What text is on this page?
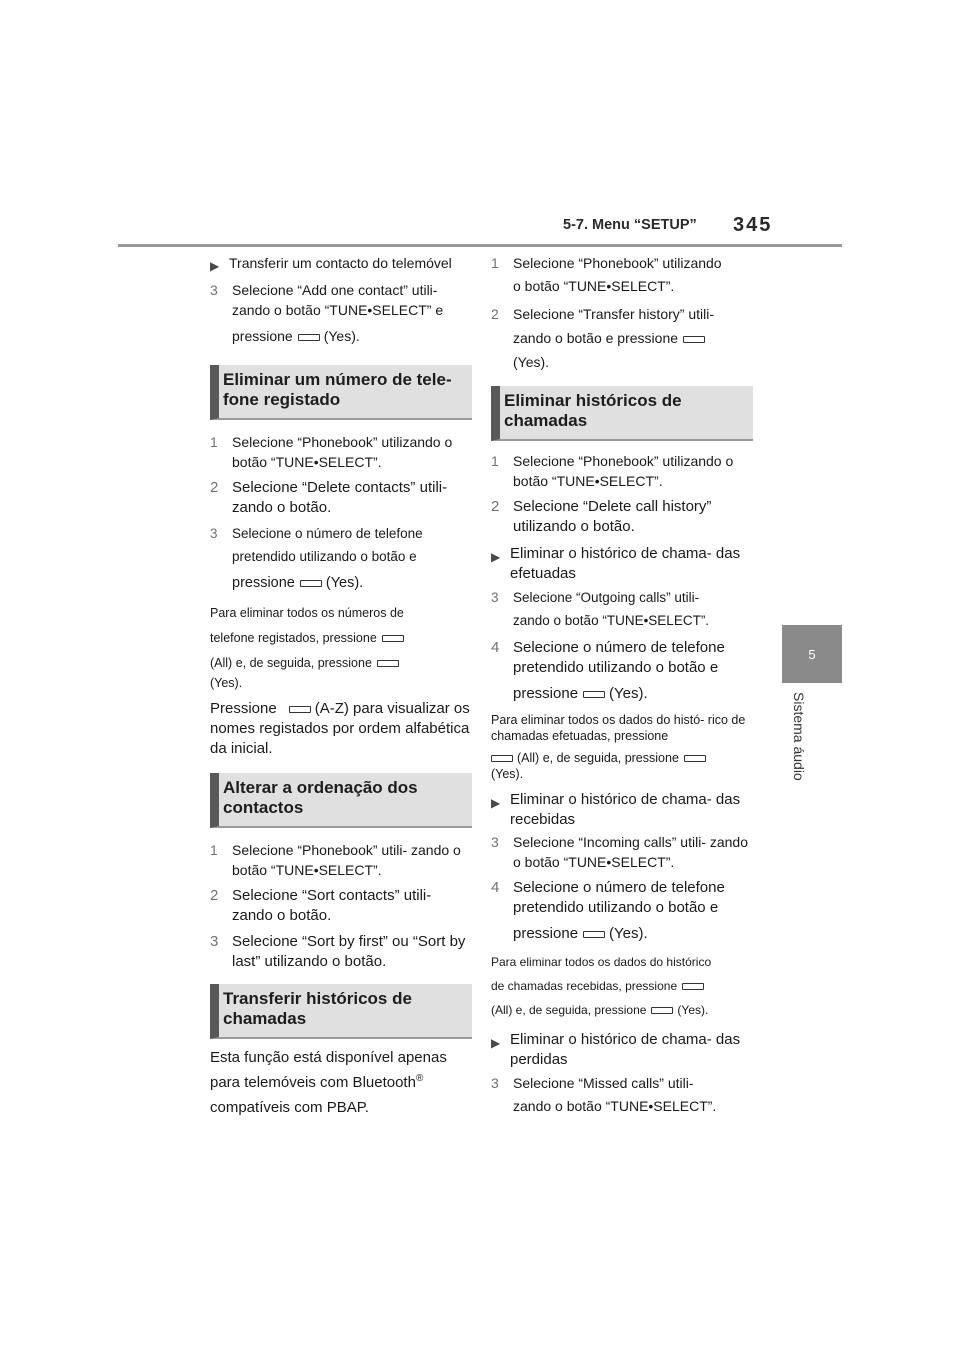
5-7. Menu “SETUP” 345
5
Sistema áudio
▶ Transferir um contacto do telemóvel
3	Selecione “Add one contact” utili- zando o botão “TUNE•SELECT” e
pressione (Yes).
Eliminar um número de tele- fone registado
1	Selecione “Phonebook” utilizando o botão “TUNE•SELECT”.
2 Selecione “Delete contacts” utili- zando o botão.
3	Selecione o número de telefone
pretendido utilizando o botão e
pressione (Yes).
Para eliminar todos os números de
telefone registados, pressione
(All) e, de seguida, pressione
(Yes).
Pressione	(A-Z) para visualizar os nomes registados por ordem alfabética da inicial.
Alterar a ordenação dos contactos
1	Selecione “Phonebook” utili- zando o botão “TUNE•SELECT”.
2 Selecione “Sort contacts” utili- zando o botão.
3 Selecione “Sort by first” ou “Sort by last” utilizando o botão.
Transferir históricos de chamadas
Esta função está disponível apenas
para telemóveis com Bluetooth®
compatíveis com PBAP.
1	Selecione “Phonebook” utilizando
o botão “TUNE•SELECT”.
2	Selecione “Transfer history” utili-
zando o botão e pressione
(Yes).
Eliminar históricos de chamadas
1	Selecione “Phonebook” utilizando o botão “TUNE•SELECT”.
2 Selecione “Delete call history” utilizando o botão.
▶ Eliminar o histórico de chama- das efetuadas
3	Selecione “Outgoing calls” utili-
zando o botão “TUNE•SELECT”.
4 Selecione o número de telefone pretendido utilizando o botão e
pressione (Yes).
Para eliminar todos os dados do histó- rico de chamadas efetuadas, pressione
(All) e, de seguida, pressione
(Yes).
▶ Eliminar o histórico de chama- das recebidas
3	Selecione “Incoming calls” utili- zando o botão “TUNE•SELECT”.
4 Selecione o número de telefone pretendido utilizando o botão e
pressione (Yes).
Para eliminar todos os dados do histórico
de chamadas recebidas, pressione
(All) e, de seguida, pressione	(Yes).
▶ Eliminar o histórico de chama- das perdidas
3	Selecione “Missed calls” utili-
zando o botão “TUNE•SELECT”.
